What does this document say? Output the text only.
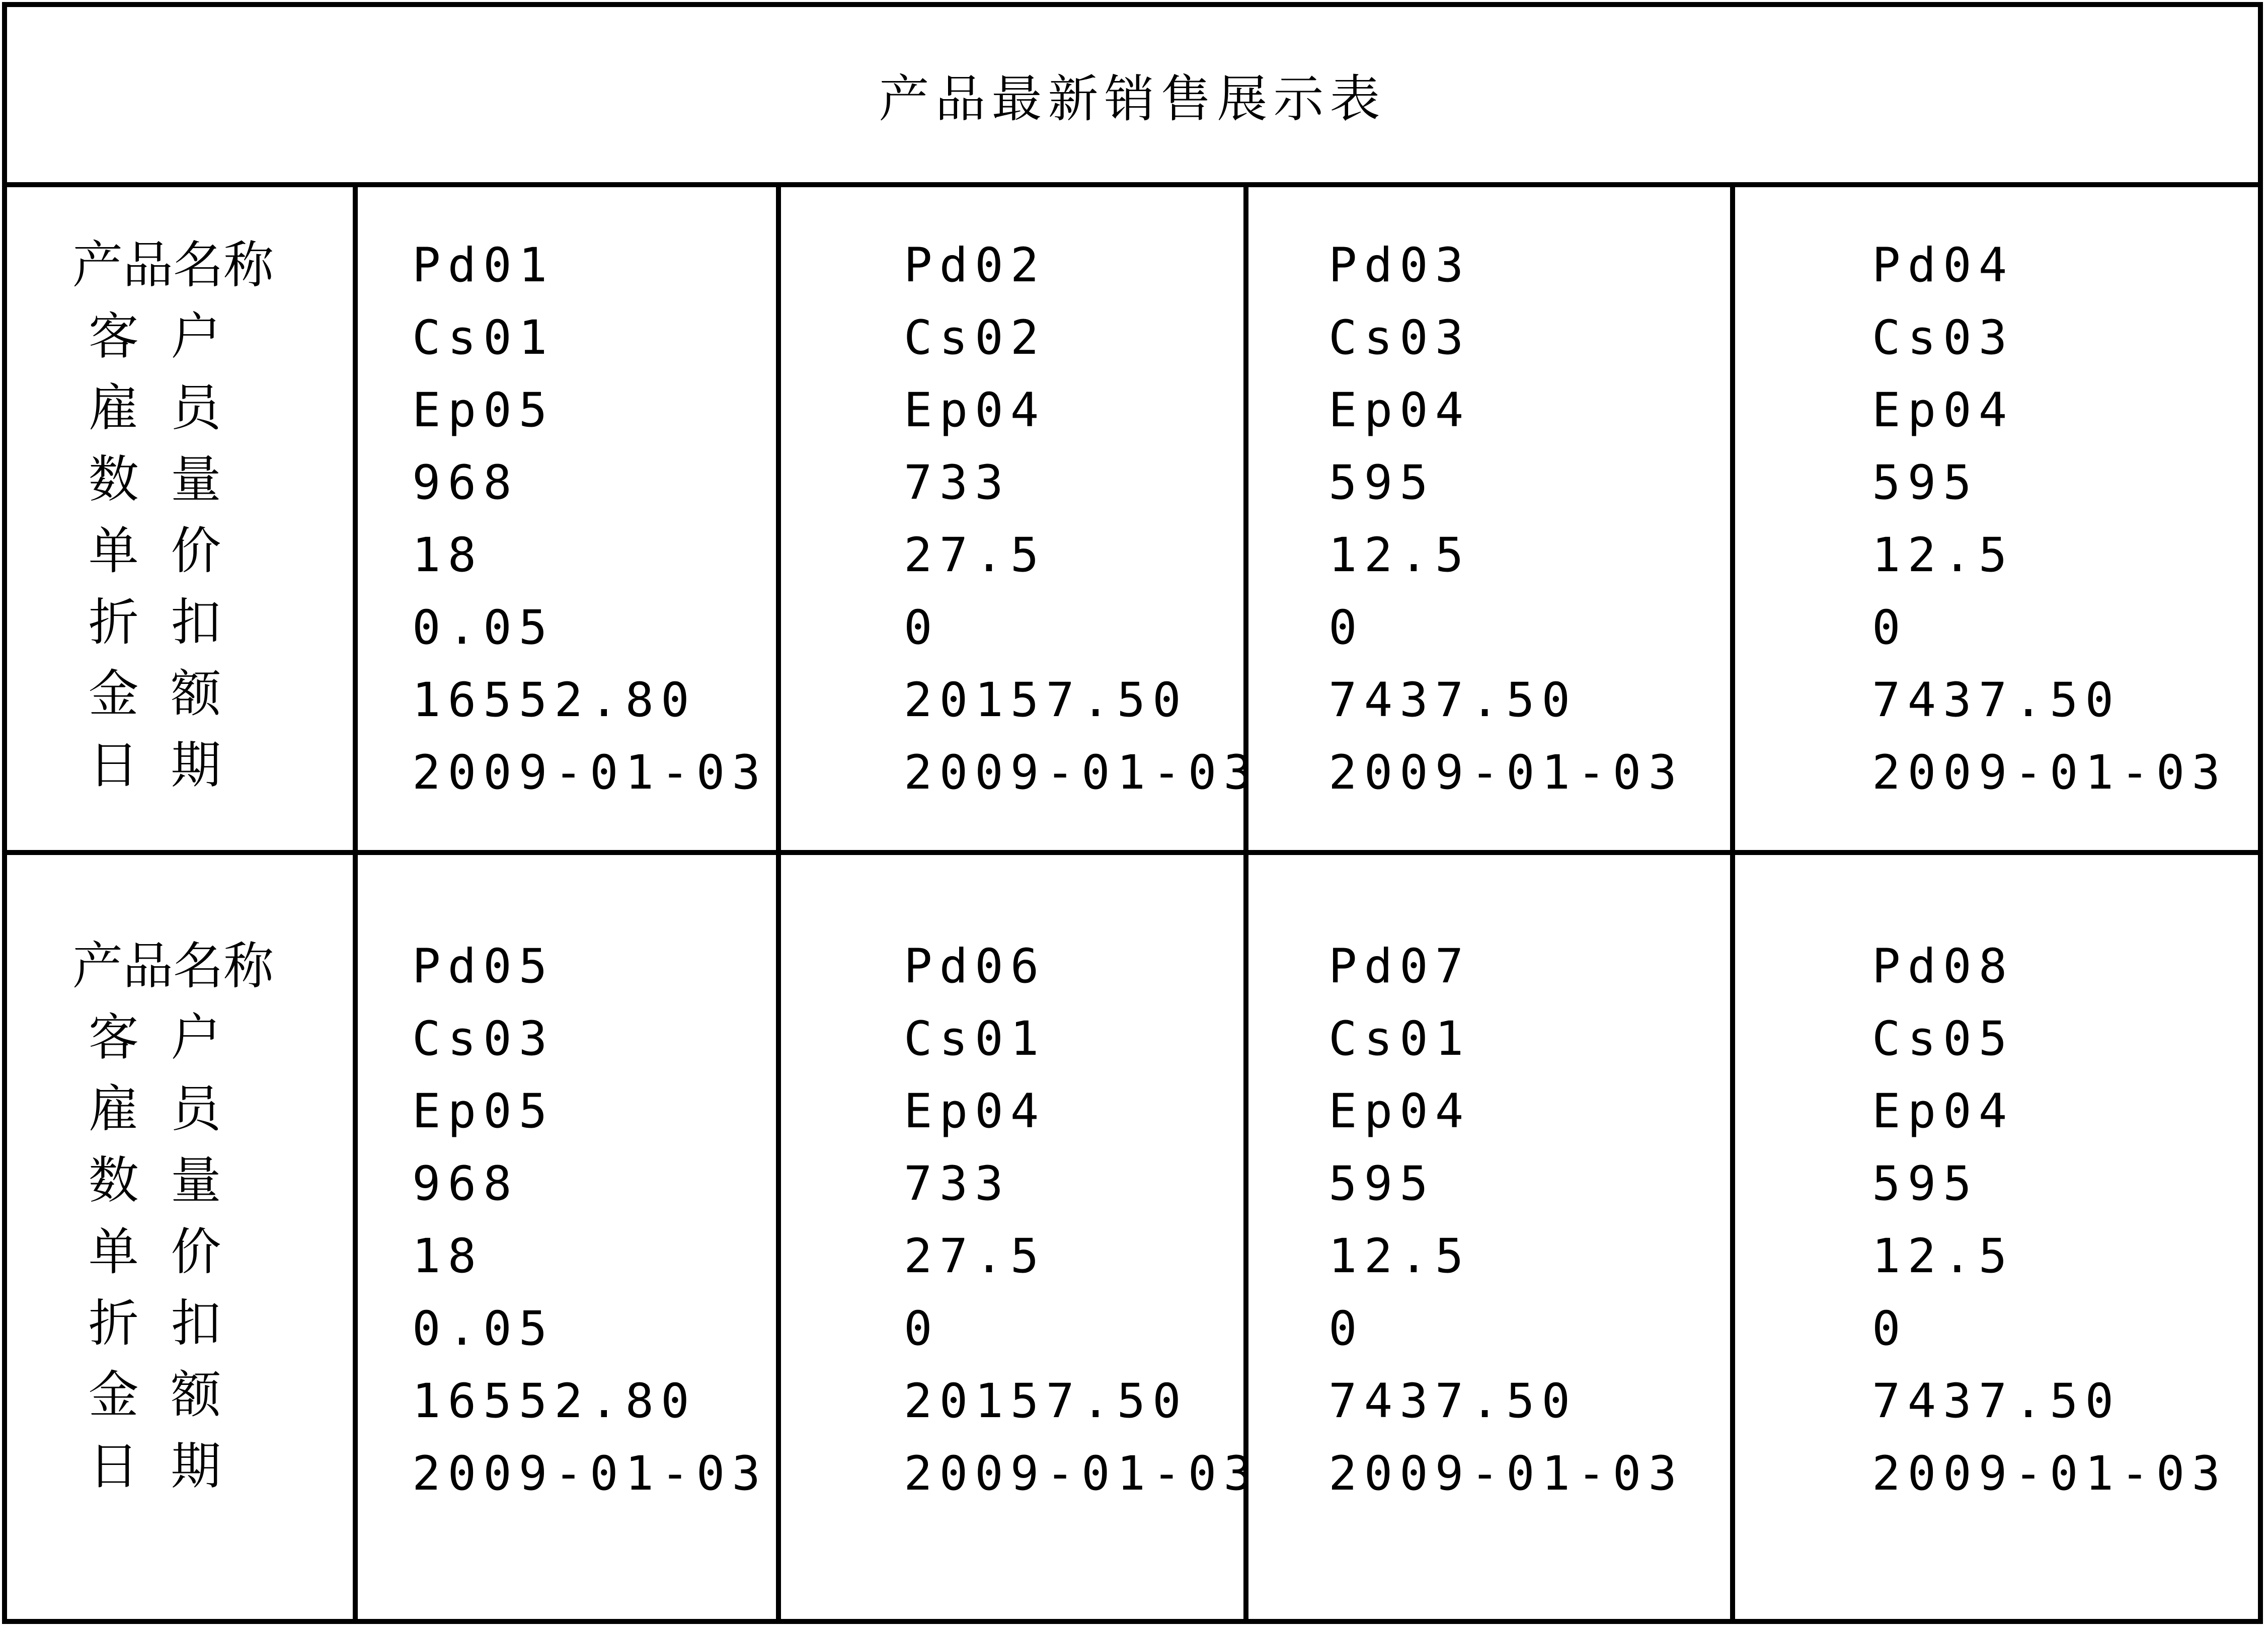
产品最新销售展示表
产品名称
客  户
雇  员
数  量
单  价
折  扣
金  额
日  期
Pd01
Cs01
Ep05
968
18
0.05
16552.80
2009-01-03
Pd02
Cs02
Ep04
733
27.5
0
20157.50
2009-01-03
Pd03
Cs03
Ep04
595
12.5
0
7437.50
2009-01-03
Pd04
Cs03
Ep04
595
12.5
0
7437.50
2009-01-03
产品名称
客  户
雇  员
数  量
单  价
折  扣
金  额
日  期
Pd05
Cs03
Ep05
968
18
0.05
16552.80
2009-01-03
Pd06
Cs01
Ep04
733
27.5
0
20157.50
2009-01-03
Pd07
Cs01
Ep04
595
12.5
0
7437.50
2009-01-03
Pd08
Cs05
Ep04
595
12.5
0
7437.50
2009-01-03
